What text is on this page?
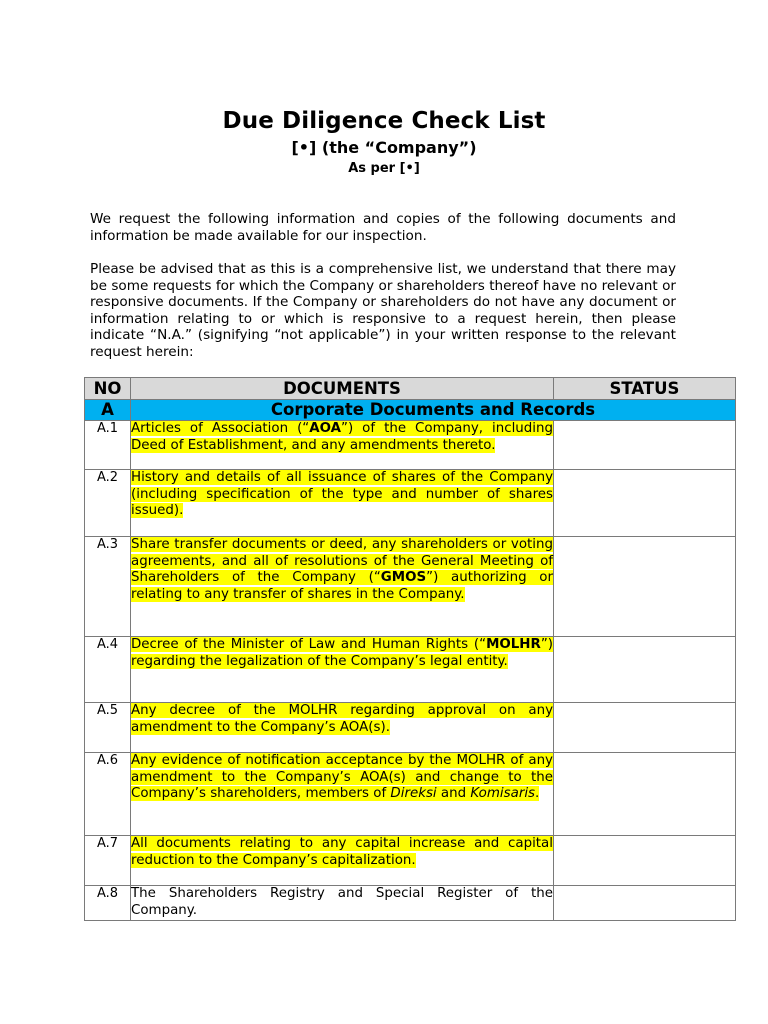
Due Diligence Check List
[•] (the “Company”)
As per [•]
We request the following information and copies of the following documents and information be made available for our inspection.
Please be advised that as this is a comprehensive list, we understand that there may be some requests for which the Company or shareholders thereof have no relevant or responsive documents. If the Company or shareholders do not have any document or information relating to or which is responsive to a request herein, then please indicate “N.A.” (signifying “not applicable”) in your written response to the relevant request herein:
NO	DOCUMENTS	STATUS
A	Corporate Documents and Records	
A.1	Articles of Association (“AOA”) of the Company, including Deed of Establishment, and any amendments thereto.	

A.2	History and details of all issuance of shares of the Company (including specification of the type and number of shares issued).	

A.3	Share transfer documents or deed, any shareholders or voting agreements, and all of resolutions of the General Meeting of Shareholders of the Company (“GMOS”) authorizing or relating to any transfer of shares in the Company.	

A.4	Decree of the Minister of Law and Human Rights (“MOLHR”) regarding the legalization of the Company’s legal entity.	

A.5	Any decree of the MOLHR regarding approval on any amendment to the Company’s AOA(s).	

A.6	Any evidence of notification acceptance by the MOLHR of any amendment to the Company’s AOA(s) and change to the Company’s shareholders, members of Direksi and Komisaris.	

A.7	All documents relating to any capital increase and capital reduction to the Company’s capitalization.	

A.8	The Shareholders Registry and Special Register of the Company.	
